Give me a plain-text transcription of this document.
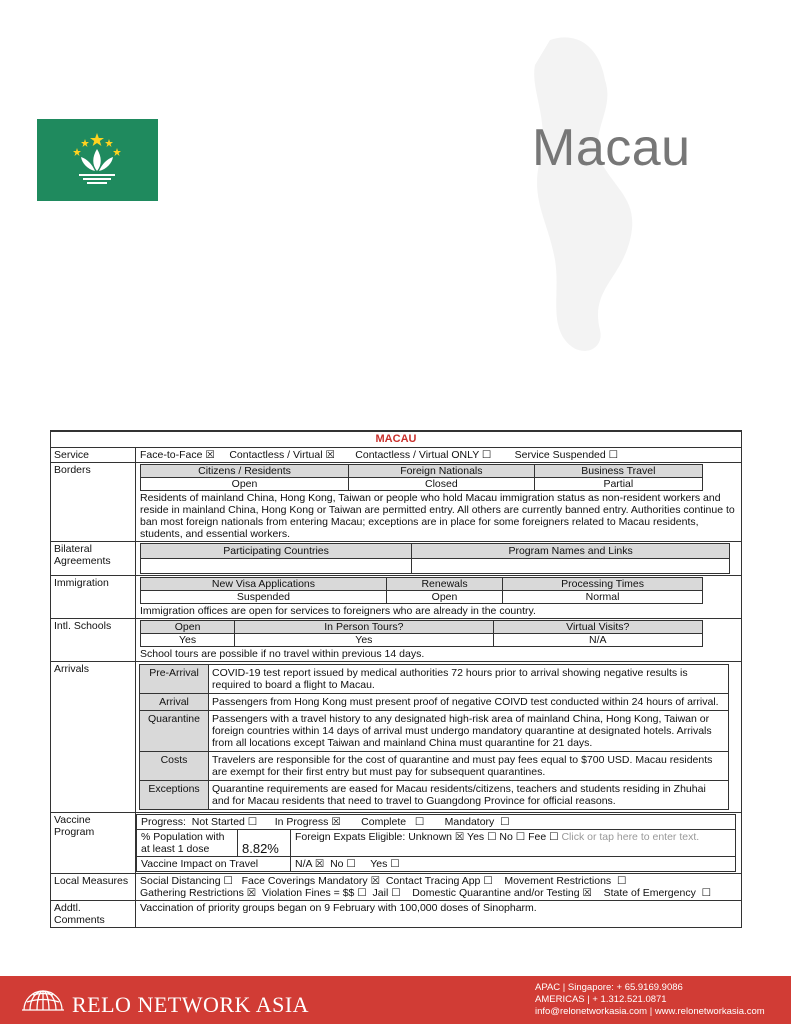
Macau
MACAU
Service	Face-to-Face ☒     Contactless / Virtual ☒       Contactless / Virtual ONLY ☐        Service Suspended ☐
Borders	Citizens / Residents	Foreign Nationals	Business Travel
Open	Closed	Partial
Residents of mainland China, Hong Kong, Taiwan or people who hold Macau immigration status as non-resident workers and reside in mainland China, Hong Kong or Taiwan are permitted entry. All others are currently banned entry. Authorities continue to ban most foreign nationals from entering Macau; exceptions are in place for some foreigners related to Macau residents, students, and essential workers.
Bilateral Agreements
Participating Countries	Program Names and Links

Immigration	New Visa Applications	Renewals	Processing Times
Suspended	Open	Normal
Immigration offices are open for services to foreigners who are already in the country.
Intl. Schools	Open	In Person Tours?	Virtual Visits?
Yes	Yes	N/A
School tours are possible if no travel within previous 14 days.
Arrivals	Pre-Arrival	COVID-19 test report issued by medical authorities 72 hours prior to arrival showing negative results is required to board a flight to Macau.
Arrival	Passengers from Hong Kong must present proof of negative COIVD test conducted within 24 hours of arrival.
Quarantine	Passengers with a travel history to any designated high-risk area of mainland China, Hong Kong, Taiwan or foreign countries within 14 days of arrival must undergo mandatory quarantine at designated hotels. Arrivals from all locations except Taiwan and mainland China must quarantine for 21 days.
Costs	Travelers are responsible for the cost of quarantine and must pay fees equal to $700 USD. Macau residents are exempt for their first entry but must pay for subsequent quarantines.
Exceptions	Quarantine requirements are eased for Macau residents/citizens, teachers and students residing in Zhuhai and for Macau residents that need to travel to Guangdong Province for official reasons.
Vaccine Program
Progress:  Not Started ☐      In Progress ☒       Complete   ☐       Mandatory  ☐		
% Population with at least 1 dose	8.82%	Foreign Expats Eligible: Unknown ☒ Yes ☐ No ☐ Fee ☐ Click or tap here to enter text.
Vaccine Impact on Travel		N/A ☒  No ☐     Yes ☐
Local Measures	Social Distancing ☐   Face Coverings Mandatory ☒  Contact Tracing App ☐    Movement Restrictions  ☐
Gathering Restrictions ☒  Violation Fines = $$ ☐  Jail ☐    Domestic Quarantine and/or Testing ☒    State of Emergency  ☐
Addtl. Comments
Vaccination of priority groups began on 9 February with 100,000 doses of Sinopharm.
RELO NETWORK ASIA
APAC | Singapore: + 65.9169.9086
AMERICAS | + 1.312.521.0871
info@relonetworkasia.com | www.relonetworkasia.com
